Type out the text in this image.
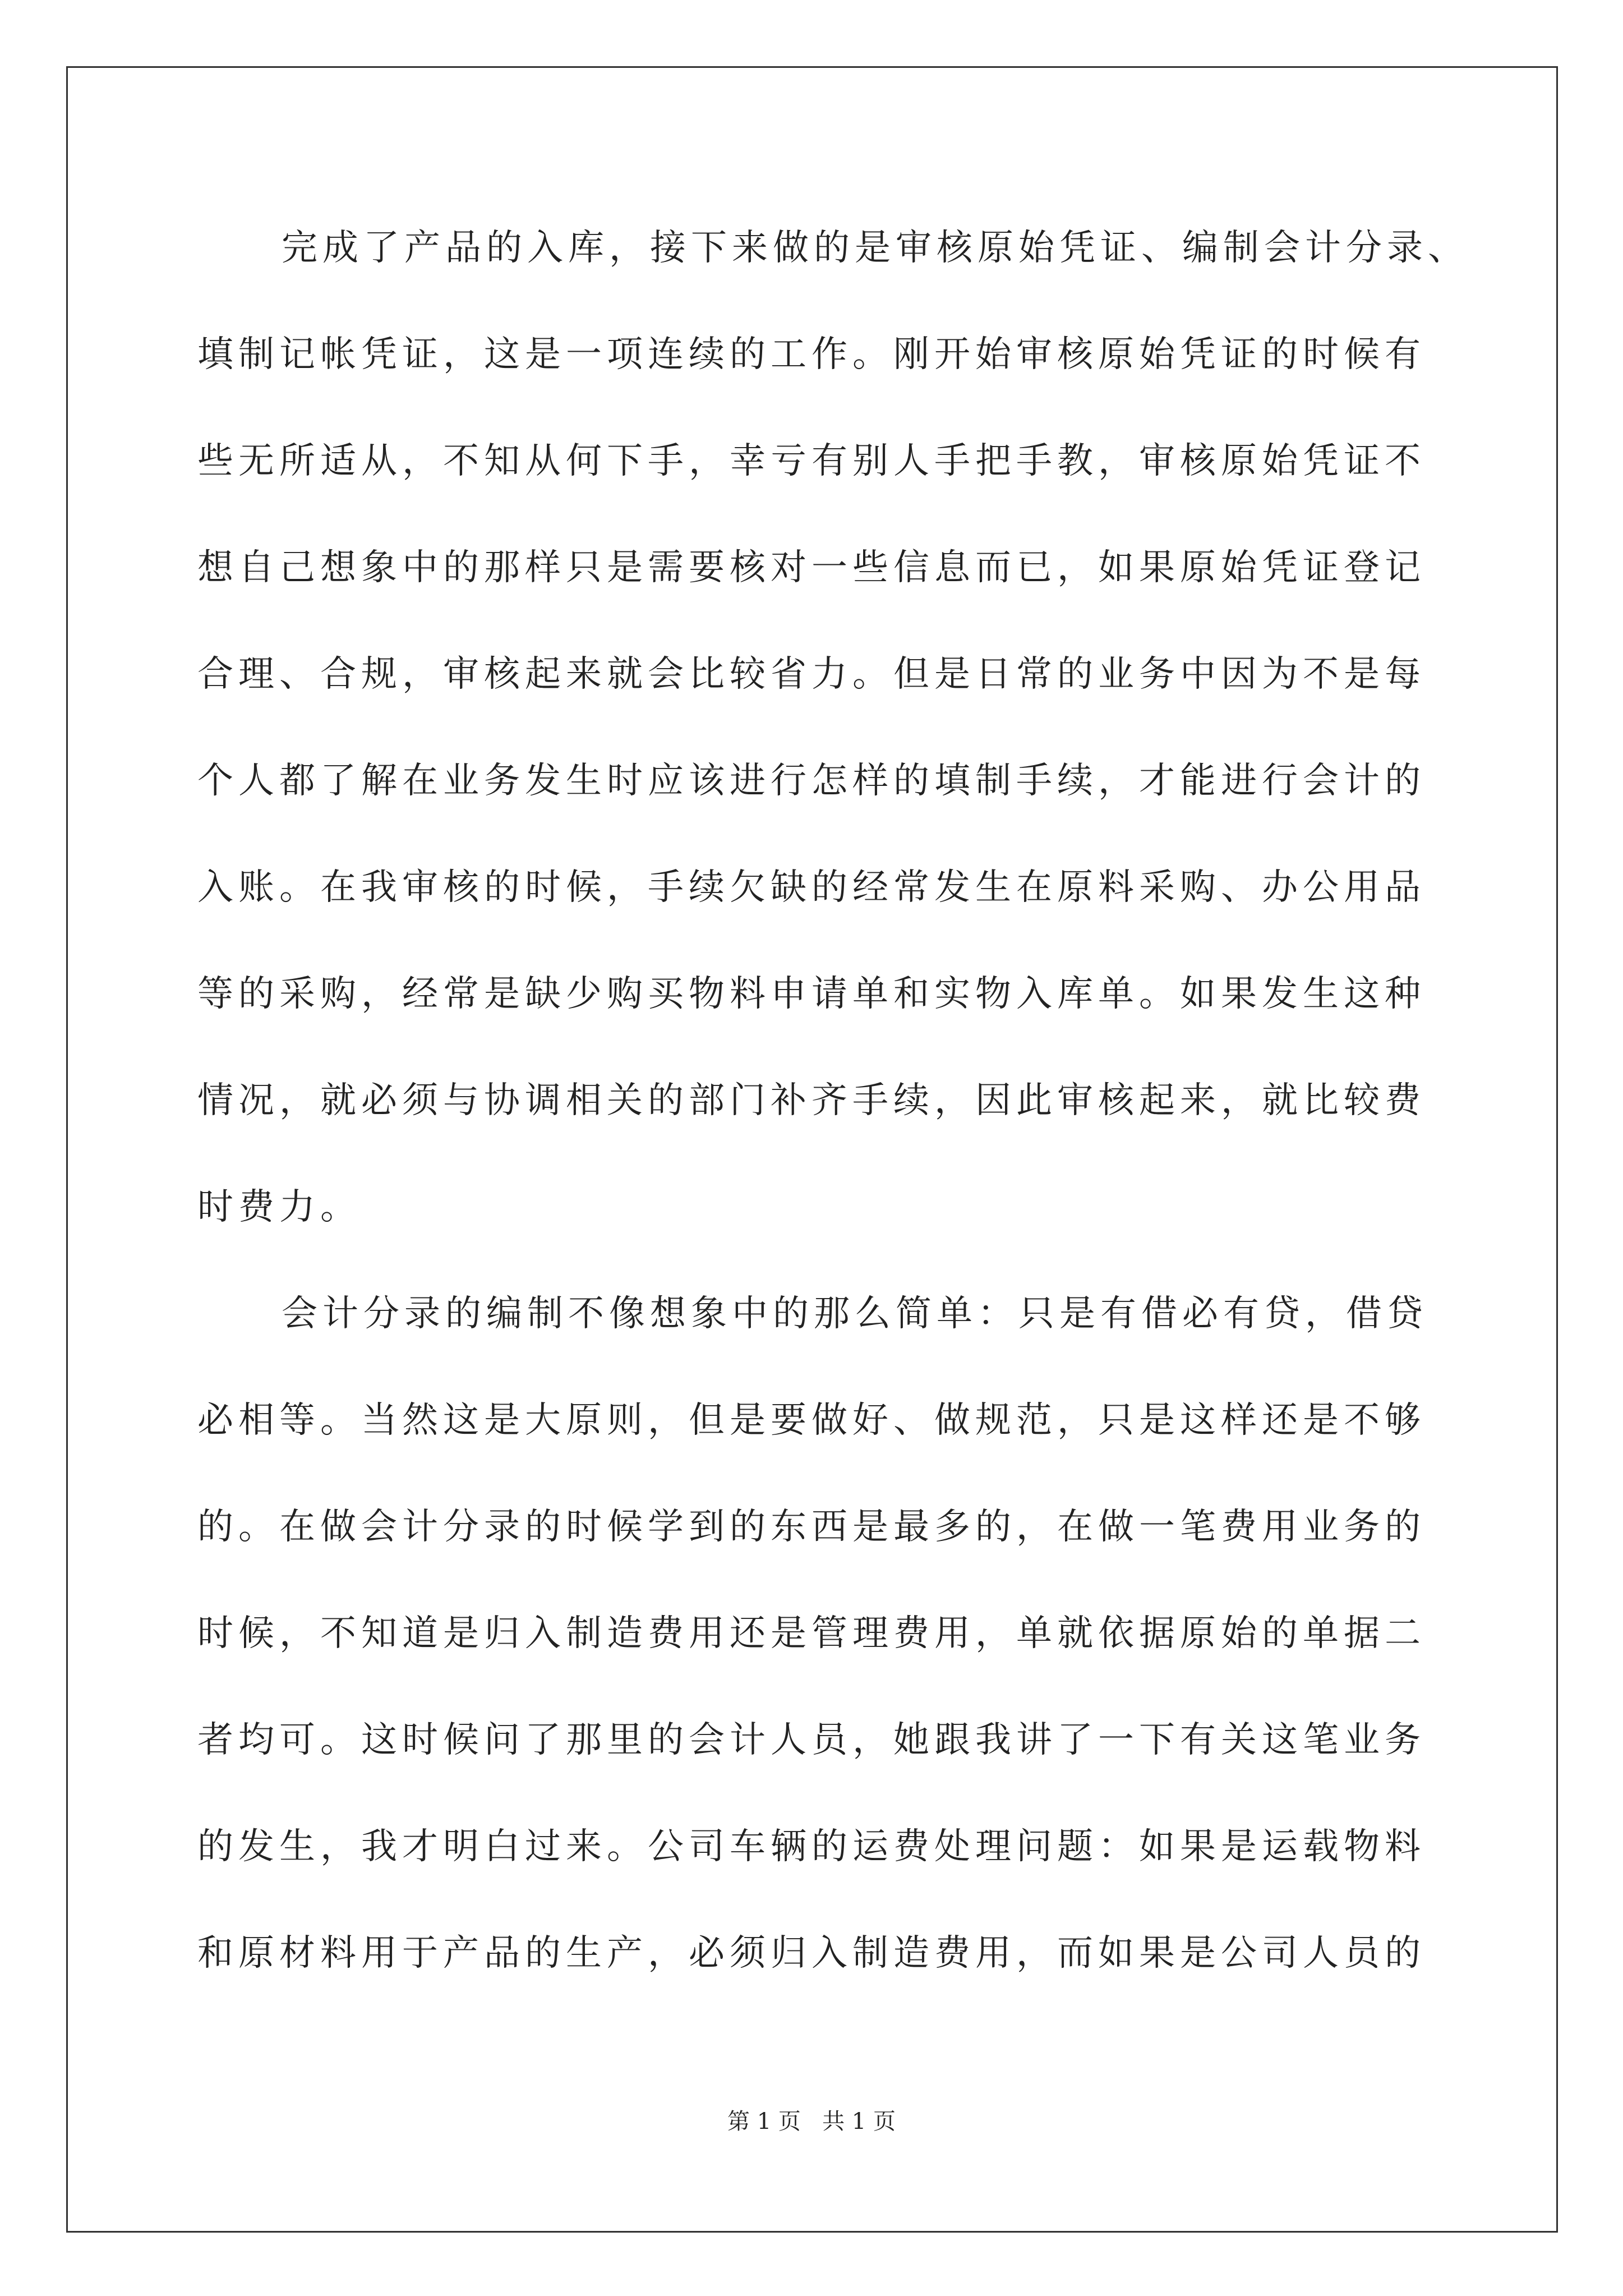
完成了产品的入库，接下来做的是审核原始凭证、编制会计分录、

填制记帐凭证，这是一项连续的工作。刚开始审核原始凭证的时候有

些无所适从，不知从何下手，幸亏有别人手把手教，审核原始凭证不

想自己想象中的那样只是需要核对一些信息而已，如果原始凭证登记

合理、合规，审核起来就会比较省力。但是日常的业务中因为不是每

个人都了解在业务发生时应该进行怎样的填制手续，才能进行会计的

入账。在我审核的时候，手续欠缺的经常发生在原料采购、办公用品

等的采购，经常是缺少购买物料申请单和实物入库单。如果发生这种

情况，就必须与协调相关的部门补齐手续，因此审核起来，就比较费

时费力。

会计分录的编制不像想象中的那么简单：只是有借必有贷，借贷

必相等。当然这是大原则，但是要做好、做规范，只是这样还是不够

的。在做会计分录的时候学到的东西是最多的，在做一笔费用业务的

时候，不知道是归入制造费用还是管理费用，单就依据原始的单据二

者均可。这时候问了那里的会计人员，她跟我讲了一下有关这笔业务

的发生，我才明白过来。公司车辆的运费处理问题：如果是运载物料

和原材料用于产品的生产，必须归入制造费用，而如果是公司人员的

第 1 页 共 1 页
